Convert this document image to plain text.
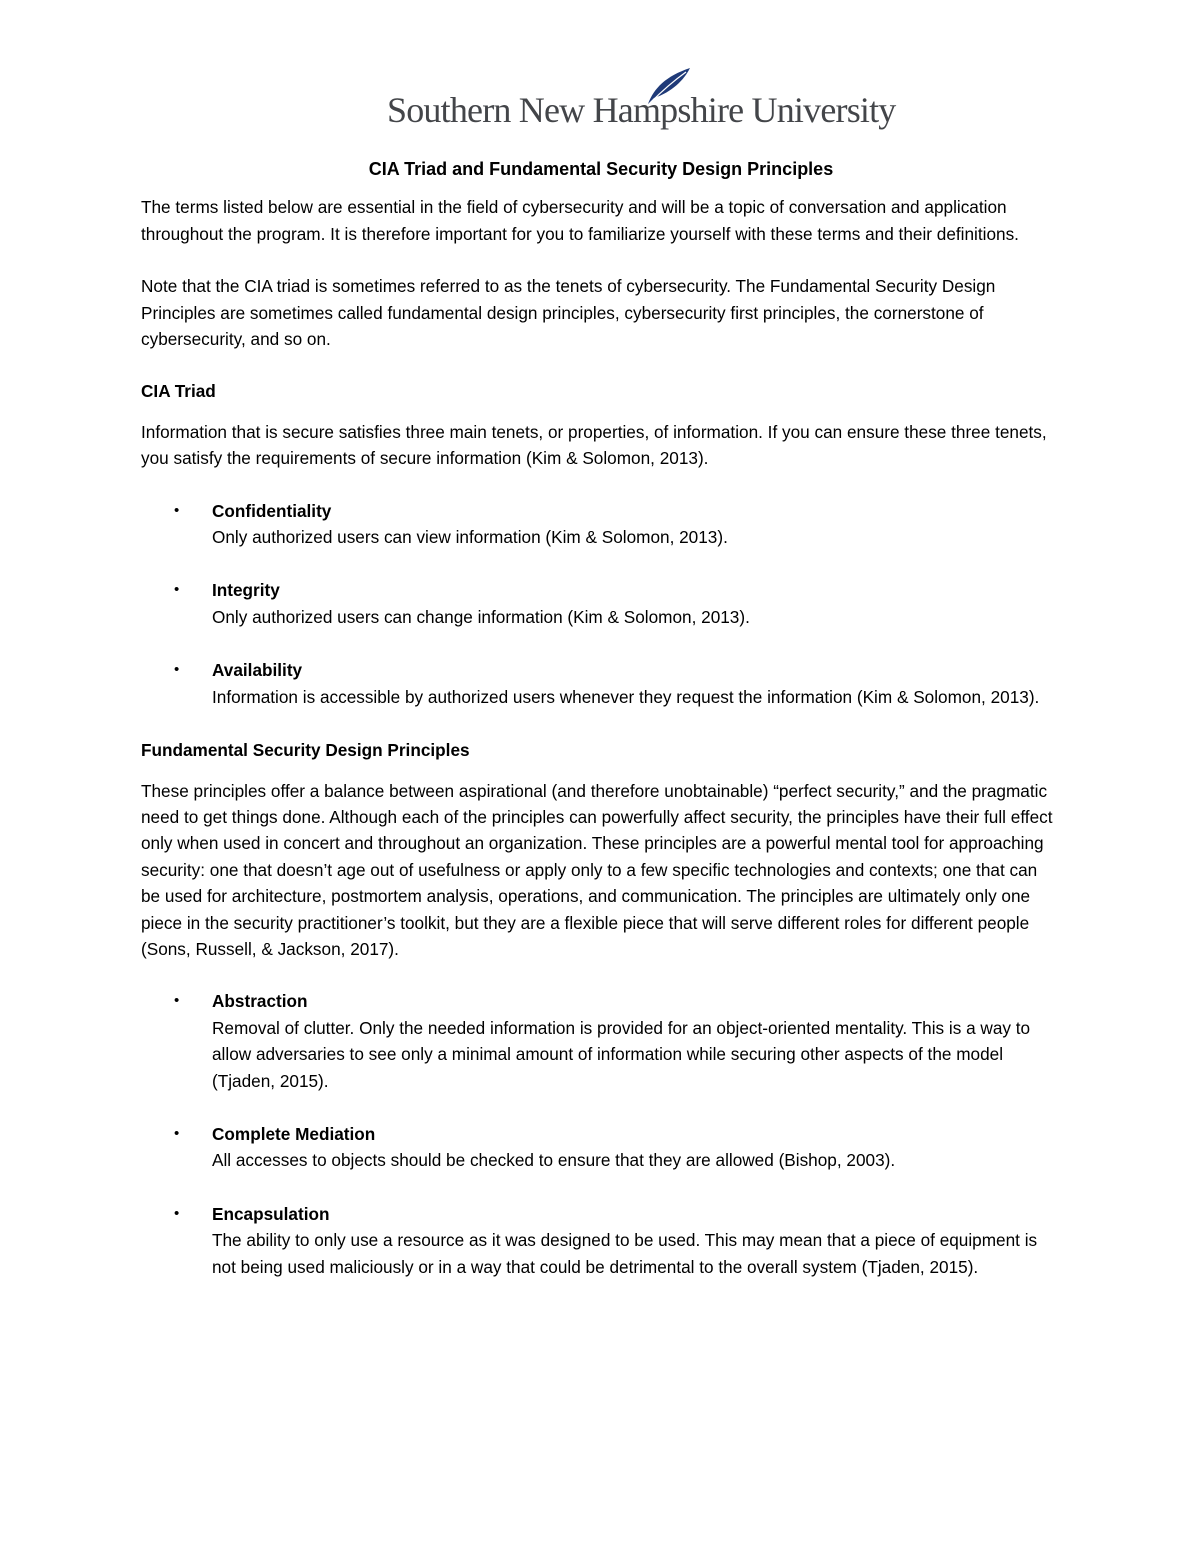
Southern New Hampshire University
CIA Triad and Fundamental Security Design Principles

The terms listed below are essential in the field of cybersecurity and will be a topic of conversation and application throughout the program. It is therefore important for you to familiarize yourself with these terms and their definitions.

Note that the CIA triad is sometimes referred to as the tenets of cybersecurity. The Fundamental Security Design Principles are sometimes called fundamental design principles, cybersecurity first principles, the cornerstone of cybersecurity, and so on.

CIA Triad

Information that is secure satisfies three main tenets, or properties, of information. If you can ensure these three tenets, you satisfy the requirements of secure information (Kim & Solomon, 2013).

• Confidentiality
Only authorized users can view information (Kim & Solomon, 2013).
• Integrity
Only authorized users can change information (Kim & Solomon, 2013).
• Availability
Information is accessible by authorized users whenever they request the information (Kim & Solomon, 2013).

Fundamental Security Design Principles

These principles offer a balance between aspirational (and therefore unobtainable) “perfect security,” and the pragmatic need to get things done. Although each of the principles can powerfully affect security, the principles have their full effect only when used in concert and throughout an organization. These principles are a powerful mental tool for approaching security: one that doesn’t age out of usefulness or apply only to a few specific technologies and contexts; one that can be used for architecture, postmortem analysis, operations, and communication. The principles are ultimately only one piece in the security practitioner’s toolkit, but they are a flexible piece that will serve different roles for different people (Sons, Russell, & Jackson, 2017).

• Abstraction
Removal of clutter. Only the needed information is provided for an object-oriented mentality. This is a way to allow adversaries to see only a minimal amount of information while securing other aspects of the model (Tjaden, 2015).
• Complete Mediation
All accesses to objects should be checked to ensure that they are allowed (Bishop, 2003).
• Encapsulation
The ability to only use a resource as it was designed to be used. This may mean that a piece of equipment is not being used maliciously or in a way that could be detrimental to the overall system (Tjaden, 2015).
